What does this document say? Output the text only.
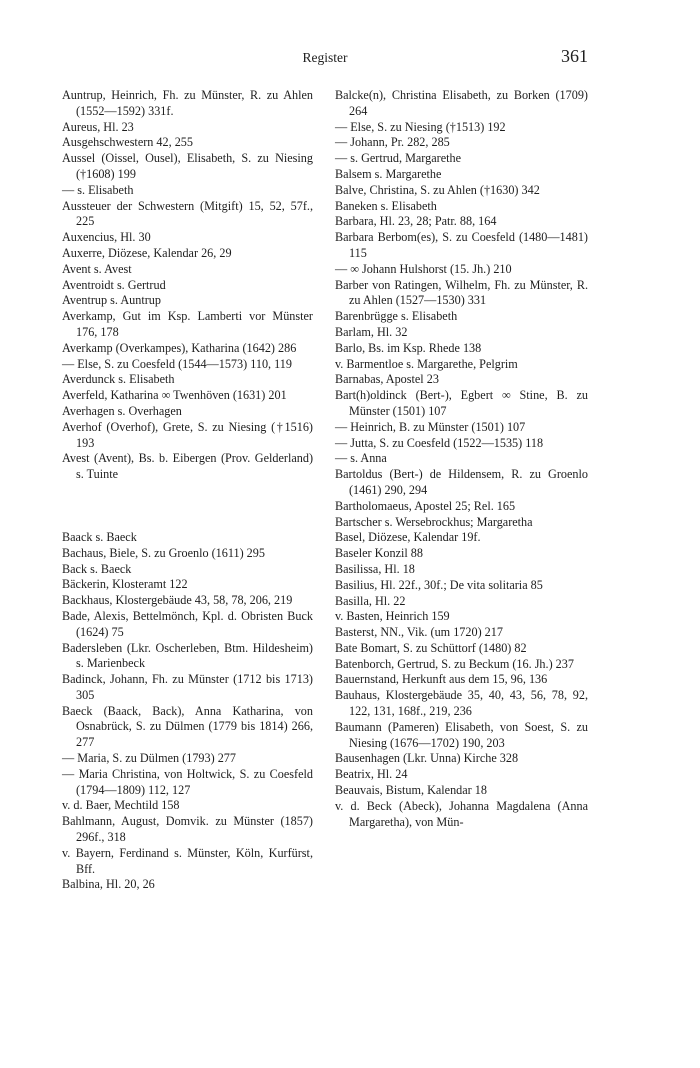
Register	361

Auntrup, Heinrich, Fh. zu Münster, R. zu Ahlen (1552—1592) 331f.

Aureus, Hl. 23

Ausgehschwestern 42, 255

Aussel (Oissel, Ousel), Elisabeth, S. zu Niesing (†1608) 199

— s. Elisabeth

Aussteuer der Schwestern (Mitgift) 15, 52, 57f., 225

Auxencius, Hl. 30

Auxerre, Diözese, Kalendar 26, 29

Avent s. Avest

Aventroidt s. Gertrud

Aventrup s. Auntrup

Averkamp, Gut im Ksp. Lamberti vor Münster 176, 178

Averkamp (Overkampes), Katharina (1642) 286

— Else, S. zu Coesfeld (1544—1573) 110, 119

Averdunck s. Elisabeth

Averfeld, Katharina ∞ Twenhöven (1631) 201

Averhagen s. Overhagen

Averhof (Overhof), Grete, S. zu Niesing (†1516) 193

Avest (Avent), Bs. b. Eibergen (Prov. Gelderland) s. Tuinte

Baack s. Baeck

Bachaus, Biele, S. zu Groenlo (1611) 295

Back s. Baeck

Bäckerin, Klosteramt 122

Backhaus, Klostergebäude 43, 58, 78, 206, 219

Bade, Alexis, Bettelmönch, Kpl. d. Obristen Buck (1624) 75

Badersleben (Lkr. Oscherleben, Btm. Hildesheim) s. Marienbeck

Badinck, Johann, Fh. zu Münster (1712 bis 1713) 305

Baeck (Baack, Back), Anna Katharina, von Osnabrück, S. zu Dülmen (1779 bis 1814) 266, 277

— Maria, S. zu Dülmen (1793) 277

— Maria Christina, von Holtwick, S. zu Coesfeld (1794—1809) 112, 127

v. d. Baer, Mechtild 158

Bahlmann, August, Domvik. zu Münster (1857) 296f., 318

v. Bayern, Ferdinand s. Münster, Köln, Kurfürst, Bff.

Balbina, Hl. 20, 26

Balcke(n), Christina Elisabeth, zu Borken (1709) 264

— Else, S. zu Niesing (†1513) 192

— Johann, Pr. 282, 285

— s. Gertrud, Margarethe

Balsem s. Margarethe

Balve, Christina, S. zu Ahlen (†1630) 342

Baneken s. Elisabeth

Barbara, Hl. 23, 28; Patr. 88, 164

Barbara Berbom(es), S. zu Coesfeld (1480—1481) 115

— ∞ Johann Hulshorst (15. Jh.) 210

Barber von Ratingen, Wilhelm, Fh. zu Münster, R. zu Ahlen (1527—1530) 331

Barenbrügge s. Elisabeth

Barlam, Hl. 32

Barlo, Bs. im Ksp. Rhede 138

v. Barmentloe s. Margarethe, Pelgrim

Barnabas, Apostel 23

Bart(h)oldinck (Bert-), Egbert ∞ Stine, B. zu Münster (1501) 107

— Heinrich, B. zu Münster (1501) 107

— Jutta, S. zu Coesfeld (1522—1535) 118

— s. Anna

Bartoldus (Bert-) de Hildensem, R. zu Groenlo (1461) 290, 294

Bartholomaeus, Apostel 25; Rel. 165

Bartscher s. Wersebrockhus; Margaretha

Basel, Diözese, Kalendar 19f.

Baseler Konzil 88

Basilissa, Hl. 18

Basilius, Hl. 22f., 30f.; De vita solitaria 85

Basilla, Hl. 22

v. Basten, Heinrich 159

Basterst, NN., Vik. (um 1720) 217

Bate Bomart, S. zu Schüttorf (1480) 82

Batenborch, Gertrud, S. zu Beckum (16. Jh.) 237

Bauernstand, Herkunft aus dem 15, 96, 136

Bauhaus, Klostergebäude 35, 40, 43, 56, 78, 92, 122, 131, 168f., 219, 236

Baumann (Pameren) Elisabeth, von Soest, S. zu Niesing (1676—1702) 190, 203

Bausenhagen (Lkr. Unna) Kirche 328

Beatrix, Hl. 24

Beauvais, Bistum, Kalendar 18

v. d. Beck (Abeck), Johanna Magdalena (Anna Margaretha), von Mün-
